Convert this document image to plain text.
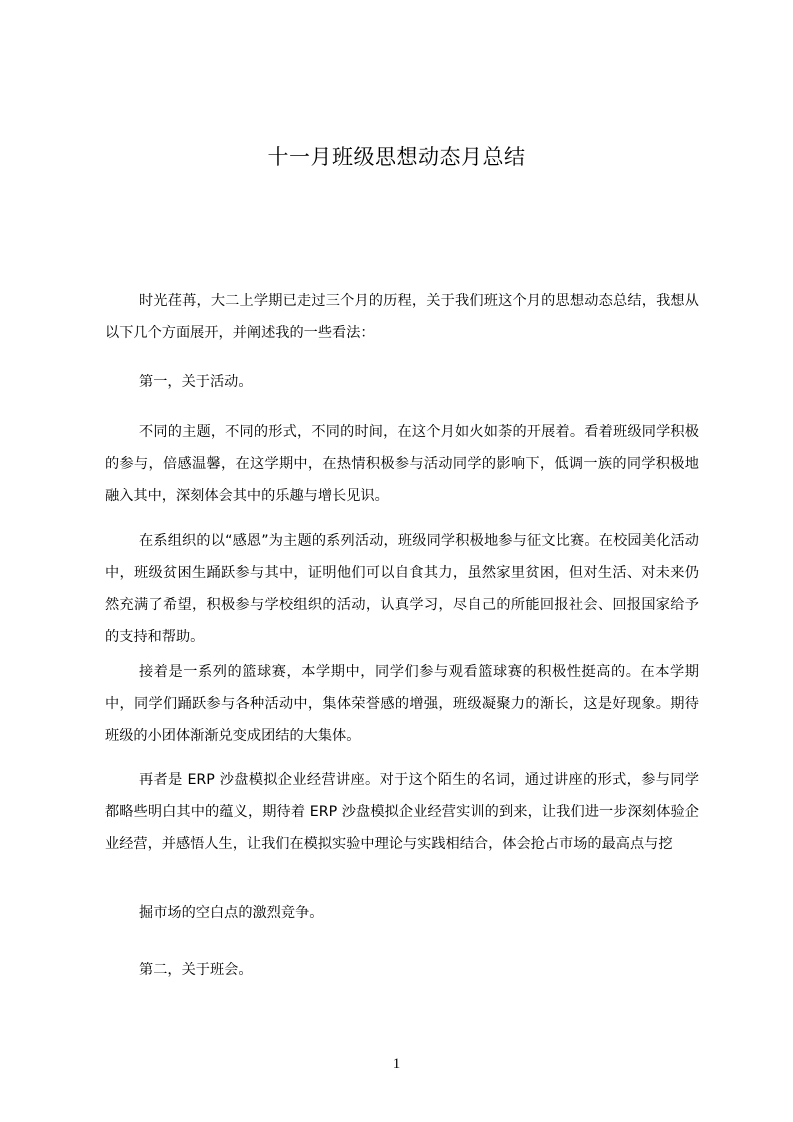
十一月班级思想动态月总结

时光荏苒，大二上学期已走过三个月的历程，关于我们班这个月的思想动态总结，我想从以下几个方面展开，并阐述我的一些看法：

第一，关于活动。

不同的主题，不同的形式，不同的时间，在这个月如火如荼的开展着。看着班级同学积极的参与，倍感温馨，在这学期中，在热情积极参与活动同学的影响下，低调一族的同学积极地融入其中，深刻体会其中的乐趣与增长见识。

在系组织的以“感恩”为主题的系列活动，班级同学积极地参与征文比赛。在校园美化活动中，班级贫困生踊跃参与其中，证明他们可以自食其力，虽然家里贫困，但对生活、对未来仍然充满了希望，积极参与学校组织的活动，认真学习，尽自己的所能回报社会、回报国家给予的支持和帮助。

接着是一系列的篮球赛，本学期中，同学们参与观看篮球赛的积极性挺高的。在本学期中，同学们踊跃参与各种活动中，集体荣誉感的增强，班级凝聚力的渐长，这是好现象。期待班级的小团体渐渐兑变成团结的大集体。

再者是 ERP 沙盘模拟企业经营讲座。对于这个陌生的名词，通过讲座的形式，参与同学都略些明白其中的蕴义，期待着 ERP 沙盘模拟企业经营实训的到来，让我们进一步深刻体验企业经营，并感悟人生，让我们在模拟实验中理论与实践相结合，体会抢占市场的最高点与挖

掘市场的空白点的激烈竞争。

第二，关于班会。

1
